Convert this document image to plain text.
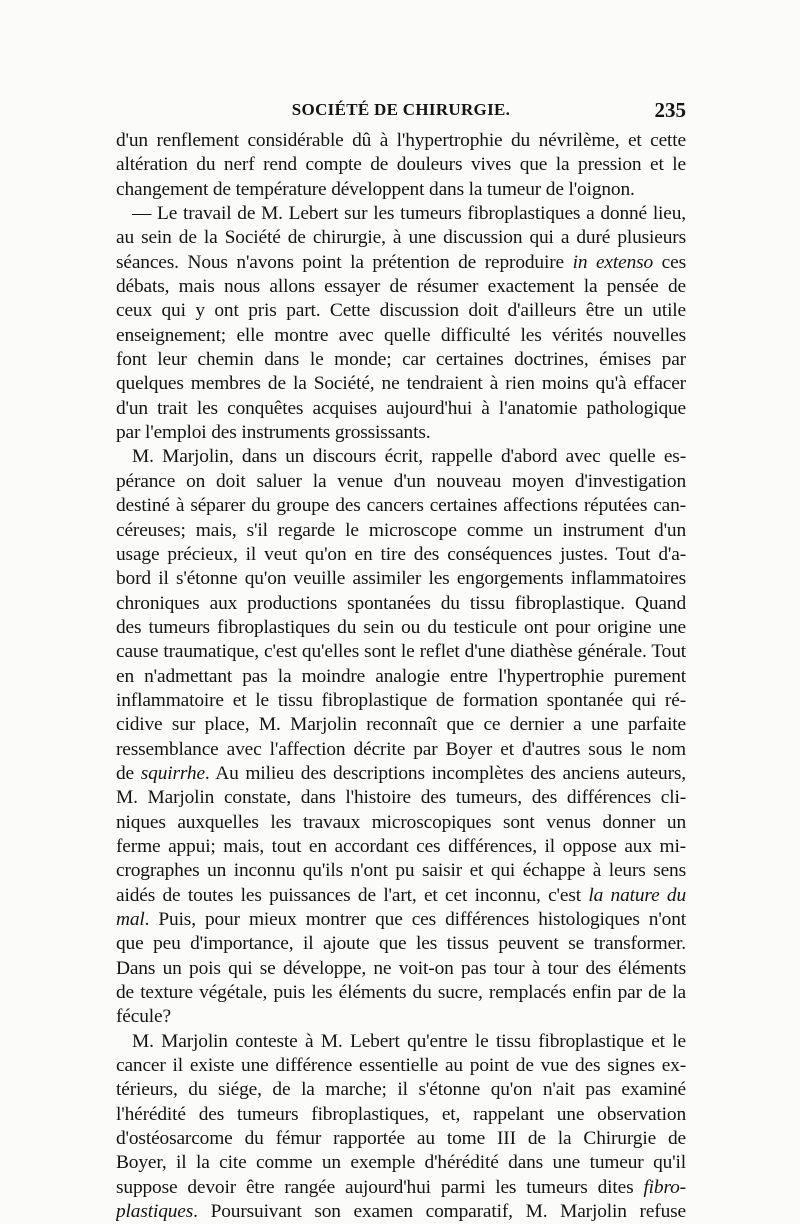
SOCIÉTÉ DE CHIRURGIE.	235
d'un renflement considérable dû à l'hypertrophie du névrilème, et cette
altération du nerf rend compte de douleurs vives que la pression et le
changement de température développent dans la tumeur de l'oignon.
— Le travail de M. Lebert sur les tumeurs fibroplastiques a donné lieu,
au sein de la Société de chirurgie, à une discussion qui a duré plusieurs
séances. Nous n'avons point la prétention de reproduire in extenso ces
débats, mais nous allons essayer de résumer exactement la pensée de
ceux qui y ont pris part. Cette discussion doit d'ailleurs être un utile
enseignement; elle montre avec quelle difficulté les vérités nouvelles
font leur chemin dans le monde; car certaines doctrines, émises par
quelques membres de la Société, ne tendraient à rien moins qu'à effacer
d'un trait les conquêtes acquises aujourd'hui à l'anatomie pathologique
par l'emploi des instruments grossissants.
M. Marjolin, dans un discours écrit, rappelle d'abord avec quelle es-
pérance on doit saluer la venue d'un nouveau moyen d'investigation
destiné à séparer du groupe des cancers certaines affections réputées can-
céreuses; mais, s'il regarde le microscope comme un instrument d'un
usage précieux, il veut qu'on en tire des conséquences justes. Tout d'a-
bord il s'étonne qu'on veuille assimiler les engorgements inflammatoires
chroniques aux productions spontanées du tissu fibroplastique. Quand
des tumeurs fibroplastiques du sein ou du testicule ont pour origine une
cause traumatique, c'est qu'elles sont le reflet d'une diathèse générale. Tout
en n'admettant pas la moindre analogie entre l'hypertrophie purement
inflammatoire et le tissu fibroplastique de formation spontanée qui ré-
cidive sur place, M. Marjolin reconnaît que ce dernier a une parfaite
ressemblance avec l'affection décrite par Boyer et d'autres sous le nom
de squirrhe. Au milieu des descriptions incomplètes des anciens auteurs,
M. Marjolin constate, dans l'histoire des tumeurs, des différences cli-
niques auxquelles les travaux microscopiques sont venus donner un
ferme appui; mais, tout en accordant ces différences, il oppose aux mi-
crographes un inconnu qu'ils n'ont pu saisir et qui échappe à leurs sens
aidés de toutes les puissances de l'art, et cet inconnu, c'est la nature du
mal. Puis, pour mieux montrer que ces différences histologiques n'ont
que peu d'importance, il ajoute que les tissus peuvent se transformer.
Dans un pois qui se développe, ne voit-on pas tour à tour des éléments
de texture végétale, puis les éléments du sucre, remplacés enfin par de la
fécule?
M. Marjolin conteste à M. Lebert qu'entre le tissu fibroplastique et le
cancer il existe une différence essentielle au point de vue des signes ex-
térieurs, du siége, de la marche; il s'étonne qu'on n'ait pas examiné
l'hérédité des tumeurs fibroplastiques, et, rappelant une observation
d'ostéosarcome du fémur rapportée au tome III de la Chirurgie de
Boyer, il la cite comme un exemple d'hérédité dans une tumeur qu'il
suppose devoir être rangée aujourd'hui parmi les tumeurs dites fibro-
plastiques. Poursuivant son examen comparatif, M. Marjolin refuse
